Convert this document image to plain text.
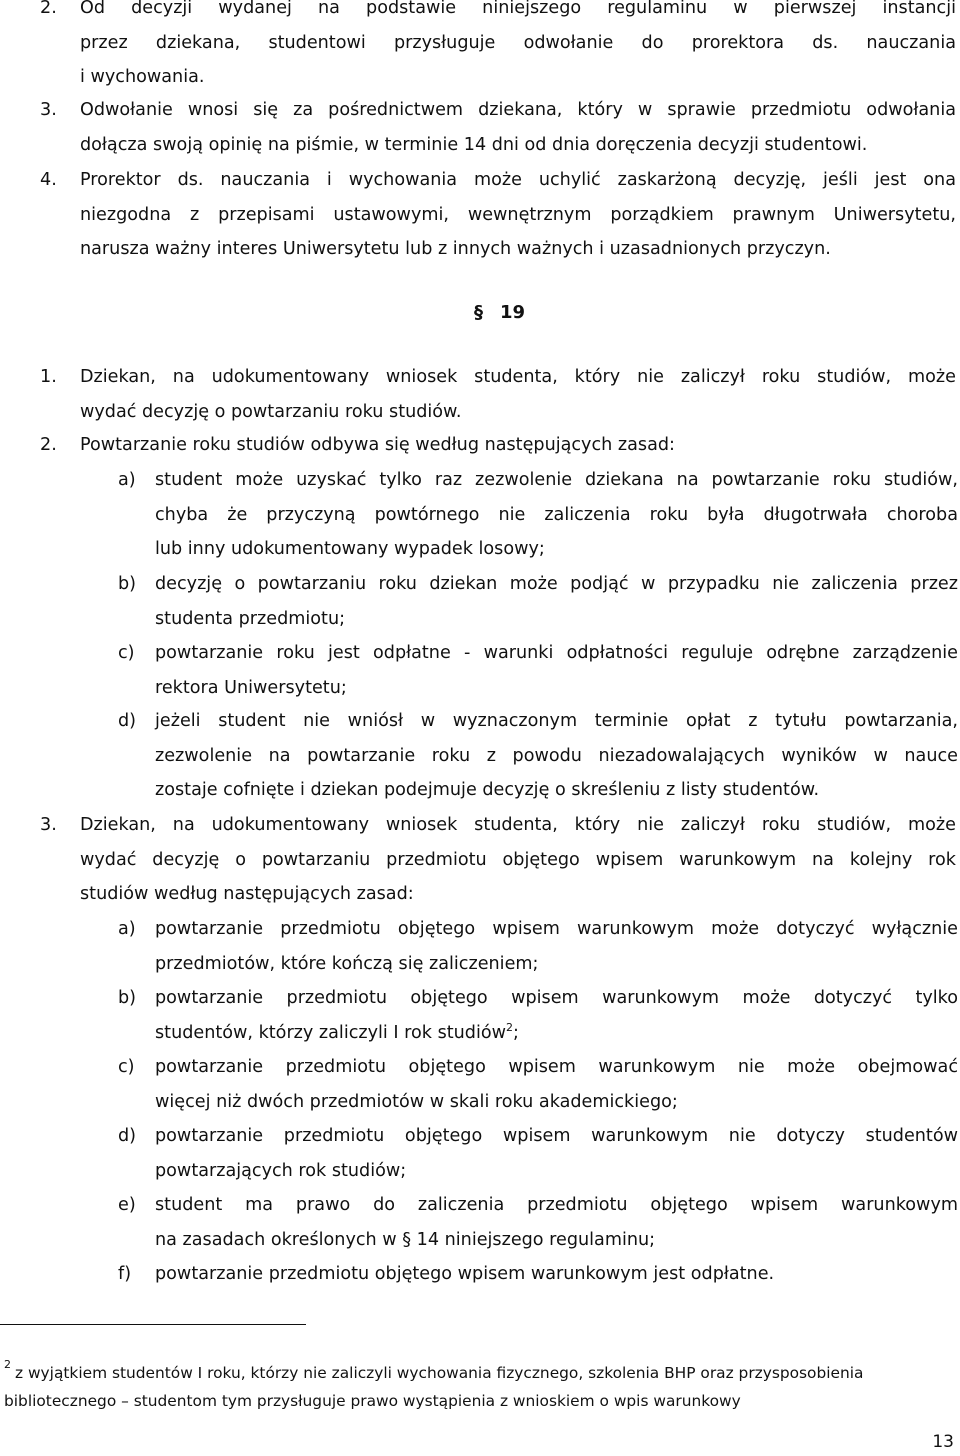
2. Od decyzji wydanej na podstawie niniejszego regulaminu w pierwszej instancji
przez dziekana, studentowi przysługuje odwołanie do prorektora ds. nauczania
i wychowania.
3. Odwołanie wnosi się za pośrednictwem dziekana, który w sprawie przedmiotu odwołania
dołącza swoją opinię na piśmie, w terminie 14 dni od dnia doręczenia decyzji studentowi.
4. Prorektor ds. nauczania i wychowania może uchylić zaskarżoną decyzję, jeśli jest ona
niezgodna z przepisami ustawowymi, wewnętrznym porządkiem prawnym Uniwersytetu,
narusza ważny interes Uniwersytetu lub z innych ważnych i uzasadnionych przyczyn.
§ 19
1. Dziekan, na udokumentowany wniosek studenta, który nie zaliczył roku studiów, może
wydać decyzję o powtarzaniu roku studiów.
2. Powtarzanie roku studiów odbywa się według następujących zasad:
a) student może uzyskać tylko raz zezwolenie dziekana na powtarzanie roku studiów,
chyba że przyczyną powtórnego nie zaliczenia roku była długotrwała choroba
lub inny udokumentowany wypadek losowy;
b) decyzję o powtarzaniu roku dziekan może podjąć w przypadku nie zaliczenia przez
studenta przedmiotu;
c) powtarzanie roku jest odpłatne - warunki odpłatności reguluje odrębne zarządzenie
rektora Uniwersytetu;
d) jeżeli student nie wniósł w wyznaczonym terminie opłat z tytułu powtarzania,
zezwolenie na powtarzanie roku z powodu niezadowalających wyników w nauce
zostaje cofnięte i dziekan podejmuje decyzję o skreśleniu z listy studentów.
3. Dziekan, na udokumentowany wniosek studenta, który nie zaliczył roku studiów, może
wydać decyzję o powtarzaniu przedmiotu objętego wpisem warunkowym na kolejny rok
studiów według następujących zasad:
a) powtarzanie przedmiotu objętego wpisem warunkowym może dotyczyć wyłącznie
przedmiotów, które kończą się zaliczeniem;
b) powtarzanie przedmiotu objętego wpisem warunkowym może dotyczyć tylko
studentów, którzy zaliczyli I rok studiów$^2$;
c) powtarzanie przedmiotu objętego wpisem warunkowym nie może obejmować
więcej niż dwóch przedmiotów w skali roku akademickiego;
d) powtarzanie przedmiotu objętego wpisem warunkowym nie dotyczy studentów
powtarzających rok studiów;
e) student ma prawo do zaliczenia przedmiotu objętego wpisem warunkowym
na zasadach określonych w § 14 niniejszego regulaminu;
f) powtarzanie przedmiotu objętego wpisem warunkowym jest odpłatne.
$^2$ z wyjątkiem studentów I roku, którzy nie zaliczyli wychowania fizycznego, szkolenia BHP oraz przysposobienia
bibliotecznego – studentom tym przysługuje prawo wystąpienia z wnioskiem o wpis warunkowy
13
